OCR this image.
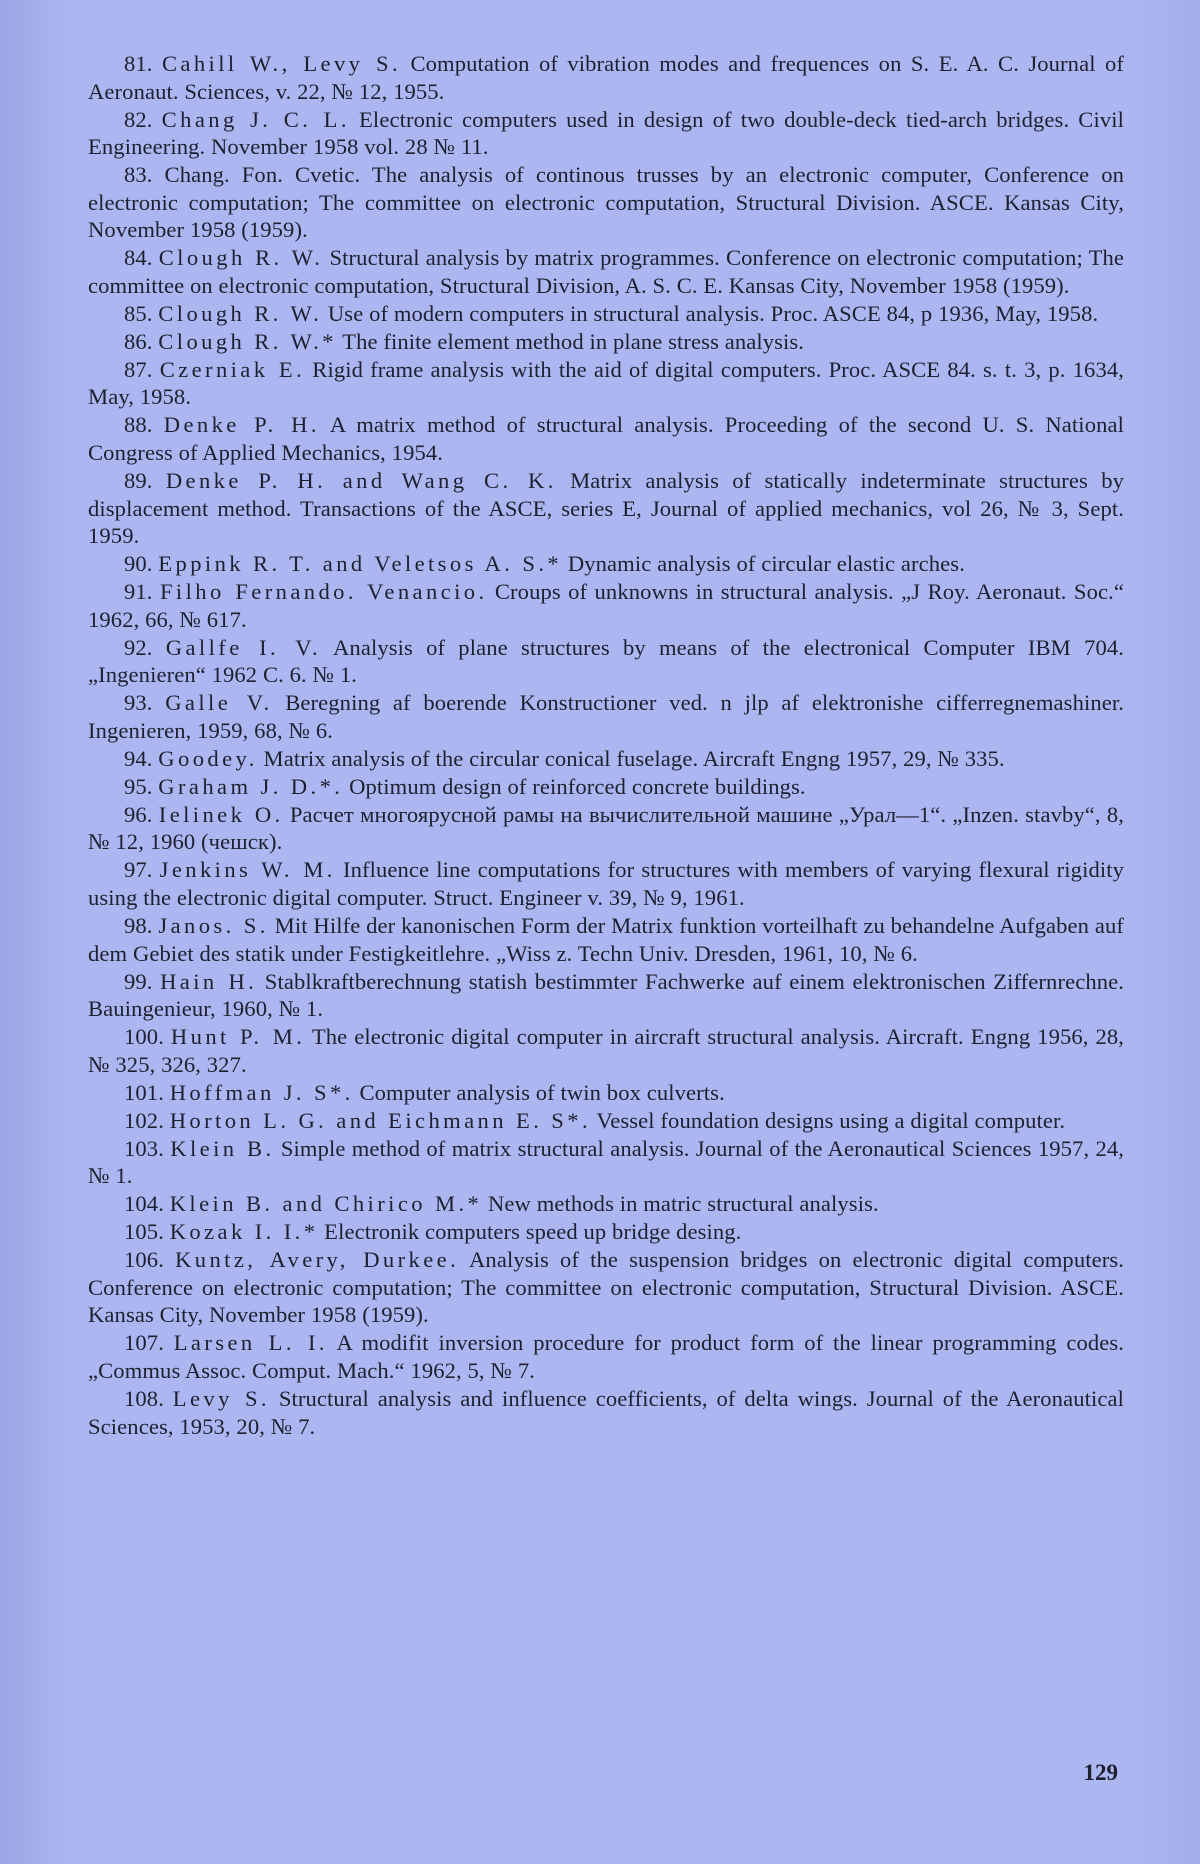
81. Cahill W., Levy S. Computation of vibration modes and frequences on S. E. A. C. Journal of Aeronaut. Sciences, v. 22, № 12, 1955.

82. Chang J. C. L. Electronic computers used in design of two double-deck tied-arch bridges. Civil Engineering. November 1958 vol. 28 № 11.

83. Chang. Fon. Cvetic. The analysis of continous trusses by an electronic computer, Conference on electronic computation; The committee on electronic computation, Structural Division. ASCE. Kansas City, November 1958 (1959).

84. Clough R. W. Structural analysis by matrix programmes. Conference on electronic computation; The committee on electronic computation, Structural Division, A. S. C. E. Kansas City, November 1958 (1959).

85. Clough R. W. Use of modern computers in structural analysis. Proc. ASCE 84, p 1936, May, 1958.

86. Clough R. W.* The finite element method in plane stress analysis.

87. Czerniak E. Rigid frame analysis with the aid of digital computers. Proc. ASCE 84. s. t. 3, p. 1634, May, 1958.

88. Denke P. H. A matrix method of structural analysis. Proceeding of the second U. S. National Congress of Applied Mechanics, 1954.

89. Denke P. H. and Wang C. K. Matrix analysis of statically indeterminate structures by displacement method. Transactions of the ASCE, series E, Journal of applied mechanics, vol 26, № 3, Sept. 1959.

90. Eppink R. T. and Veletsos A. S.* Dynamic analysis of circular elastic arches.

91. Filho Fernando. Venancio. Croups of unknowns in structural analysis. „J Roy. Aeronaut. Soc.“ 1962, 66, № 617.

92. Gallfe I. V. Analysis of plane structures by means of the electronical Computer IBM 704. „Ingenieren“ 1962 C. 6. № 1.

93. Galle V. Beregning af boerende Konstructioner ved. n jlp af elektronishe cifferregnemashiner. Ingenieren, 1959, 68, № 6.

94. Goodey. Matrix analysis of the circular conical fuselage. Aircraft Engng 1957, 29, № 335.

95. Graham J. D.*. Optimum design of reinforced concrete buildings.

96. Ielinek O. Расчет многоярусной рамы на вычислительной машине „Урал—1“. „Inzen. stavby“, 8, № 12, 1960 (чешск).

97. Jenkins W. M. Influence line computations for structures with members of varying flexural rigidity using the electronic digital computer. Struct. Engineer v. 39, № 9, 1961.

98. Janos. S. Mit Hilfe der kanonischen Form der Matrix funktion vorteilhaft zu behandelne Aufgaben auf dem Gebiet des statik under Festigkeitlehre. „Wiss z. Techn Univ. Dresden, 1961, 10, № 6.

99. Hain H. Stablkraftberechnung statish bestimmter Fachwerke auf einem elektronischen Ziffernrechne. Bauingenieur, 1960, № 1.

100. Hunt P. M. The electronic digital computer in aircraft structural analysis. Aircraft. Engng 1956, 28, № 325, 326, 327.

101. Hoffman J. S*. Computer analysis of twin box culverts.

102. Horton L. G. and Eichmann E. S*. Vessel foundation designs using a digital computer.

103. Klein B. Simple method of matrix structural analysis. Journal of the Aeronautical Sciences 1957, 24, № 1.

104. Klein B. and Chirico M.* New methods in matric structural analysis.

105. Kozak I. I.* Electronik computers speed up bridge desing.

106. Kuntz, Avery, Durkee. Analysis of the suspension bridges on electronic digital computers. Conference on electronic computation; The committee on electronic computation, Structural Division. ASCE. Kansas City, November 1958 (1959).

107. Larsen L. I. A modifit inversion procedure for product form of the linear programming codes. „Commus Assoc. Comput. Mach.“ 1962, 5, № 7.

108. Levy S. Structural analysis and influence coefficients, of delta wings. Journal of the Aeronautical Sciences, 1953, 20, № 7.

129
